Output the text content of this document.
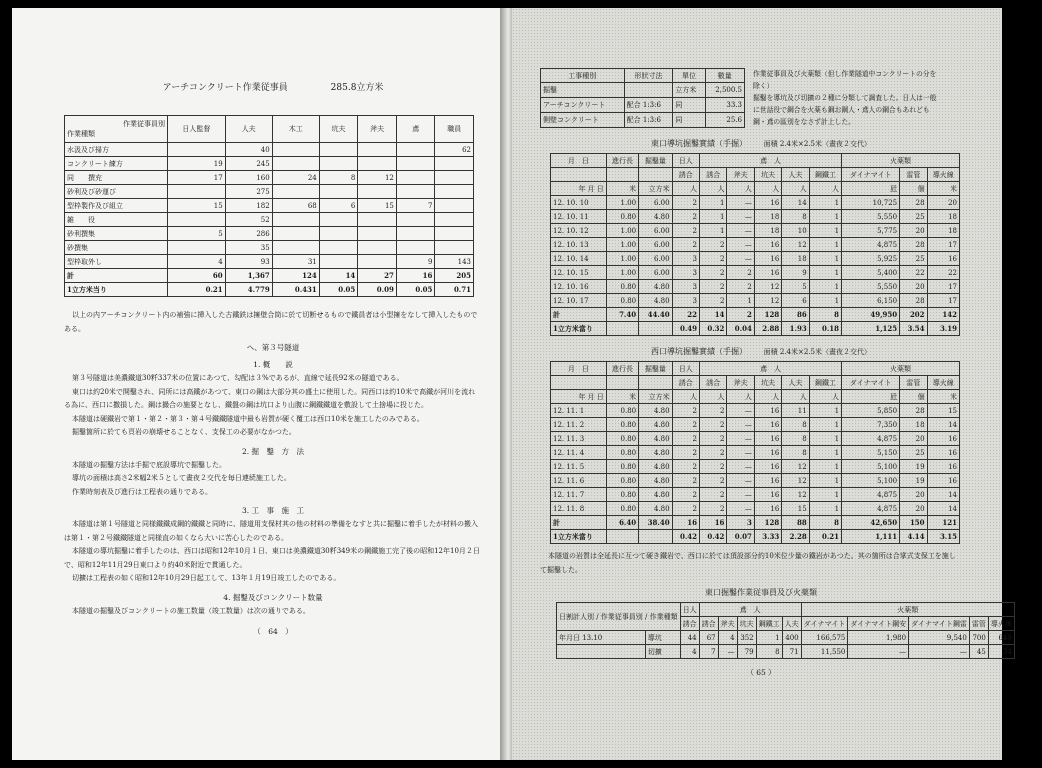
アーチコンクリート作業従事員	285.8立方米
作業従事員別
作業種類	日人監督	人夫	木工	坑夫	斧夫	鳶	職員
水汲及び掃方		40					62
コンクリート練方	19	245					
同　　撰充	17	160	24	8	12		
砂利及び砂運び		275					
型枠製作及び組立	15	182	68	6	15	7	
雑　　役		52					
砂利撰集	5	286					
砂撰集		35					
型枠取外し	4	93	31			9	143
計	60	1,367	124	14	27	16	205
1立方米当り	0.21	4.779	0.431	0.05	0.09	0.05	0.71

以上の内アーチコンクリート内の補強に挿入した古鐵鉄は擁壁合筒に於て切断せるもので鐵員者は小型擁をなして挿入したものである。

へ、第３号隧道
1. 概　　説

第３号隧道は美濃鐵道30粁337米の位置にあつて、勾配は３%であるが、直線で延長92米の隧道である。

東口は約20米で開鑿され、同所には高鐵があつて、東口の鋼は大部分其の盛土に使用した。同西口は約10米で高鐵が河川を流れる為に、西口に撒損した。鋼は撮合の施要となし、鐵盤の鋼は坑口より山腹に鋼鐵鐵道を敷設して土捨場に投じた。

本隧道は硬鐵岩で第１・第２・第３・第４号鐵鐵隧道中最も岩質が硬く覆工は西口10米を施工したのみである。

掘鑿箇所に於ても頁岩の崩壊せることなく、支保工の必要がなかつた。

2. 掘　鑿　方　法

本隧道の掘鑿方法は手掘で底設導坑で掘鑿した。

導坑の面積は高さ2米幅2米５として晝夜２交代を毎日連続施工した。

作業時刻表及び進行は工程表の通りである。

3. 工　事　施　工

本隧道は第１号隧道と同様鐵鐵成鋼的鐵鐵と同時に、隧道用支保材其の他の材料の準備をなすと共に掘鑿に着手したが材料の搬入は第１・第２号鐵鐵隧道と同様直の如くなら大いに苦心したのである。

本隧道の導坑掘鑿に着手したのは、西口は昭和12年10月１日、東口は美濃鐵道30粁349米の鋼鐵施工完了後の昭和12年10月２日で、昭和12年11月29日東口より約40米附近で貫通した。

切擴は工程表の如く昭和12年10月29日起工して、13年１月19日竣工したのである。

4. 掘鑿及びコンクリート数量

本隧道の掘鑿及びコンクリートの施工数量（竣工数量）は次の通りである。

（　64　）
工事種別	形狀寸法	單位	數量
掘鑿		立方米	2,500.5
アーチコンクリート	配合 1:3:6	同	33.3
側壁コンクリート	配合 1:3:6	同	25.6

作業従事員及び火薬類（但し作業隧道中コンクリートの分を除く）
掘鑿を導坑及び切擴の２種に分類して調査した。日人は一般に世話役で鋼合を火薬も鋼お鋼人・鳶人の鋼合もあれども鋼・鳶の區別をなさず計上した。

東口導坑掘鑿實績（手掘） 面積 2.4米×2.5米（晝夜２交代）
月　日	進行長	掘鑿量	日人	鳶　人					火薬類		
			誘合	誘合	斧夫	坑夫	人夫	鋼鐵工	ダイナマイト	雷管	導火線
年 月 日	米	立方米	人	人	人	人	人	人	瓩	個	米
12. 10. 10	1.00	6.00	2	1	—	16	14	1	10,725	28	20
12. 10. 11	0.80	4.80	2	1	—	18	8	1	5,550	25	18
12. 10. 12	1.00	6.00	2	1	—	18	10	1	5,775	20	18
12. 10. 13	1.00	6.00	2	2	—	16	12	1	4,875	28	17
12. 10. 14	1.00	6.00	3	2	—	16	18	1	5,925	25	16
12. 10. 15	1.00	6.00	3	2	2	16	9	1	5,400	22	22
12. 10. 16	0.80	4.80	3	2	2	12	5	1	5,550	20	17
12. 10. 17	0.80	4.80	3	2	1	12	6	1	6,150	28	17
計	7.40	44.40	22	14	2	128	86	8	49,950	202	142
1立方米當り			0.49	0.32	0.04	2.88	1.93	0.18	1,125	3.54	3.19
西口導坑掘鑿實績（手掘） 面積 2.4米×2.5米（晝夜２交代）
月　日	進行長	掘鑿量	日人	鳶　人					火薬類		
			誘合	誘合	斧夫	坑夫	人夫	鋼鐵工	ダイナマイト	雷管	導火線
年 月 日	米	立方米	人	人	人	人	人	人	瓩	個	米
12. 11. 1	0.80	4.80	2	2	—	16	11	1	5,850	28	15
12. 11. 2	0.80	4.80	2	2	—	16	8	1	7,350	18	14
12. 11. 3	0.80	4.80	2	2	—	16	8	1	4,875	20	16
12. 11. 4	0.80	4.80	2	2	—	16	8	1	5,150	25	16
12. 11. 5	0.80	4.80	2	2	—	16	12	1	5,100	19	16
12. 11. 6	0.80	4.80	2	2	—	16	12	1	5,100	19	16
12. 11. 7	0.80	4.80	2	2	—	16	12	1	4,875	20	14
12. 11. 8	0.80	4.80	2	2	—	16	15	1	4,875	20	14
計	6.40	38.40	16	16	3	128	88	8	42,650	150	121
1立方米當り			0.42	0.42	0.07	3.33	2.28	0.21	1,111	4.14	3.15

本隧道の岩質は全延長に互つて硬き鐵岩で、西口に於ては頂設部分約10米位少量の鐵岩があつた。其の箇所は合掌式支保工を施して掘鑿した。

東口掘鑿作業従事員及び火薬類
日割計人別 / 作業従事員別 / 作業種類		日人	鳶　人					火薬類				
		誘合	誘合	斧夫	坑夫	鋼鐵工	人夫	ダイナマイト	ダイナマイト鋼安	ダイナマイト鋼雷	雷管	導火線
年月日 13.10	導坑	44	67	4	352	1	400	166,575	1,980	9,540	700	649
	切擴	4	7	—	79	8	71	11,550	—	—	45	34
（ 65 ）
